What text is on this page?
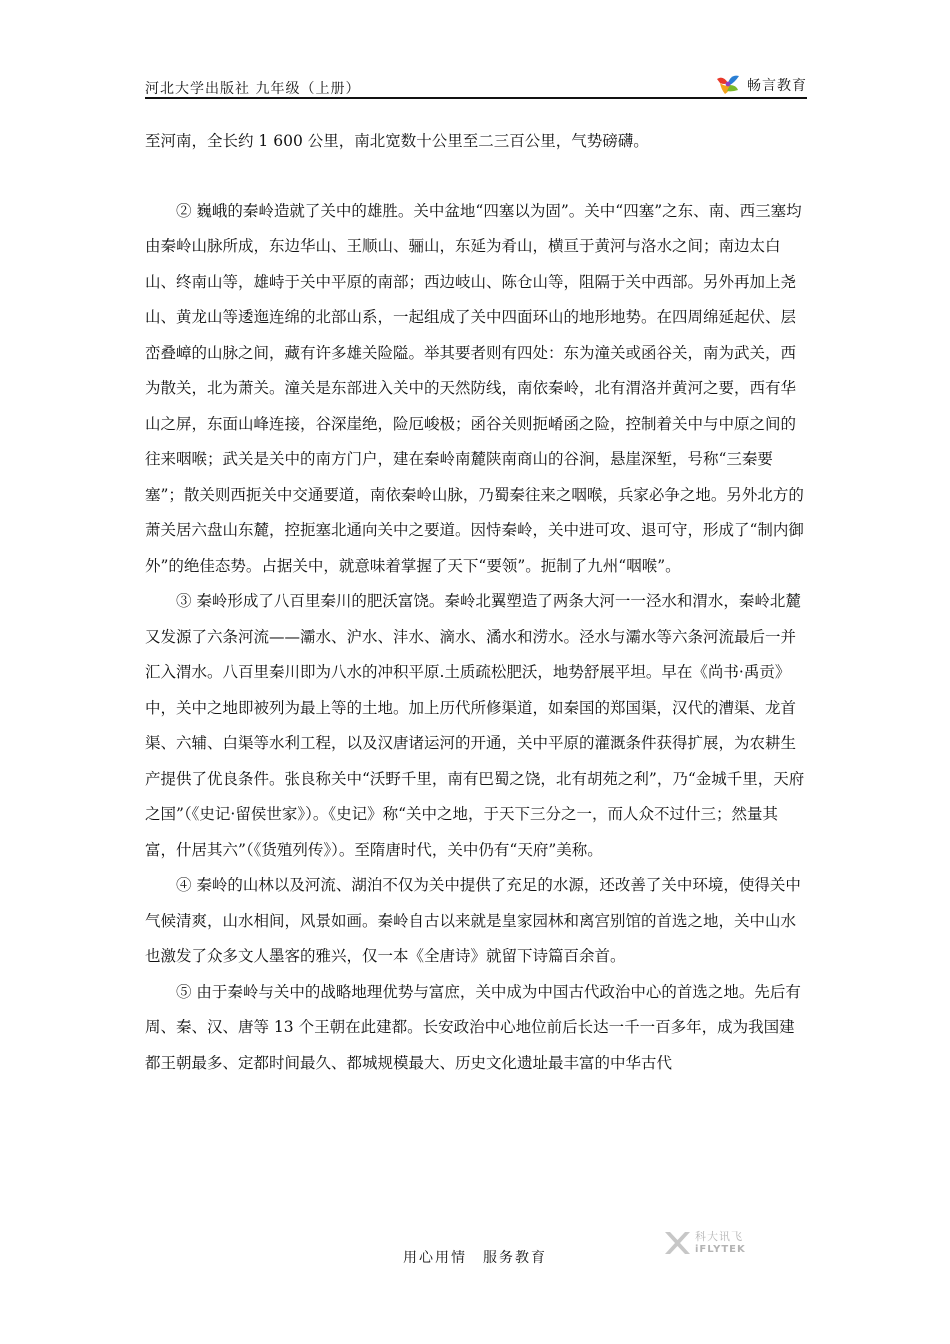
河北大学出版社 九年级（上册）	畅言教育

至河南，全长约 1 600 公里，南北宽数十公里至二三百公里，气势磅礴。

② 巍峨的秦岭造就了关中的雄胜。关中盆地“四塞以为固”。关中“四塞”之东、南、西三塞均由秦岭山脉所成，东边华山、王顺山、骊山，东延为肴山，横亘于黄河与洛水之间；南边太白山、终南山等，雄峙于关中平原的南部；西边岐山、陈仓山等，阻隔于关中西部。另外再加上尧山、黄龙山等逶迤连绵的北部山系，一起组成了关中四面环山的地形地势。在四周绵延起伏、层峦叠嶂的山脉之间，藏有许多雄关险隘。举其要者则有四处：东为潼关或函谷关，南为武关，西为散关，北为萧关。潼关是东部进入关中的天然防线，南依秦岭，北有渭洛并黄河之要，西有华山之屏，东面山峰连接，谷深崖绝，险厄峻极；函谷关则扼崤函之险，控制着关中与中原之间的往来咽喉；武关是关中的南方门户，建在秦岭南麓陕南商山的谷涧，悬崖深堑，号称“三秦要塞”；散关则西扼关中交通要道，南依秦岭山脉，乃蜀秦往来之咽喉，兵家必争之地。另外北方的萧关居六盘山东麓，控扼塞北通向关中之要道。因恃秦岭，关中进可攻、退可守，形成了“制内御外”的绝佳态势。占据关中，就意味着掌握了天下“要领”。扼制了九州“咽喉”。

③ 秦岭形成了八百里秦川的肥沃富饶。秦岭北翼塑造了两条大河一一泾水和渭水，秦岭北麓又发源了六条河流——灞水、沪水、沣水、滴水、潏水和涝水。泾水与灞水等六条河流最后一并汇入渭水。八百里秦川即为八水的冲积平原.土质疏松肥沃，地势舒展平坦。早在《尚书·禹贡》中，关中之地即被列为最上等的土地。加上历代所修渠道，如秦国的郑国渠，汉代的漕渠、龙首渠、六辅、白渠等水利工程，以及汉唐诸运河的开通，关中平原的灌溉条件获得扩展，为农耕生产提供了优良条件。张良称关中“沃野千里，南有巴蜀之饶，北有胡苑之利”，乃“金城千里，天府之国”（《史记·留侯世家》）。《史记》称“关中之地，于天下三分之一，而人众不过什三；然量其富，什居其六”（《货殖列传》）。至隋唐时代，关中仍有“天府”美称。

④ 秦岭的山林以及河流、湖泊不仅为关中提供了充足的水源，还改善了关中环境，使得关中气候清爽，山水相间，风景如画。秦岭自古以来就是皇家园林和离宫别馆的首选之地，关中山水也激发了众多文人墨客的雅兴，仅一本《全唐诗》就留下诗篇百余首。

⑤ 由于秦岭与关中的战略地理优势与富庶，关中成为中国古代政治中心的首选之地。先后有周、秦、汉、唐等 13 个王朝在此建都。长安政治中心地位前后长达一千一百多年，成为我国建都王朝最多、定都时间最久、都城规模最大、历史文化遗址最丰富的中华古代

用心用情　服务教育
科大讯飞
iFLYTEK
